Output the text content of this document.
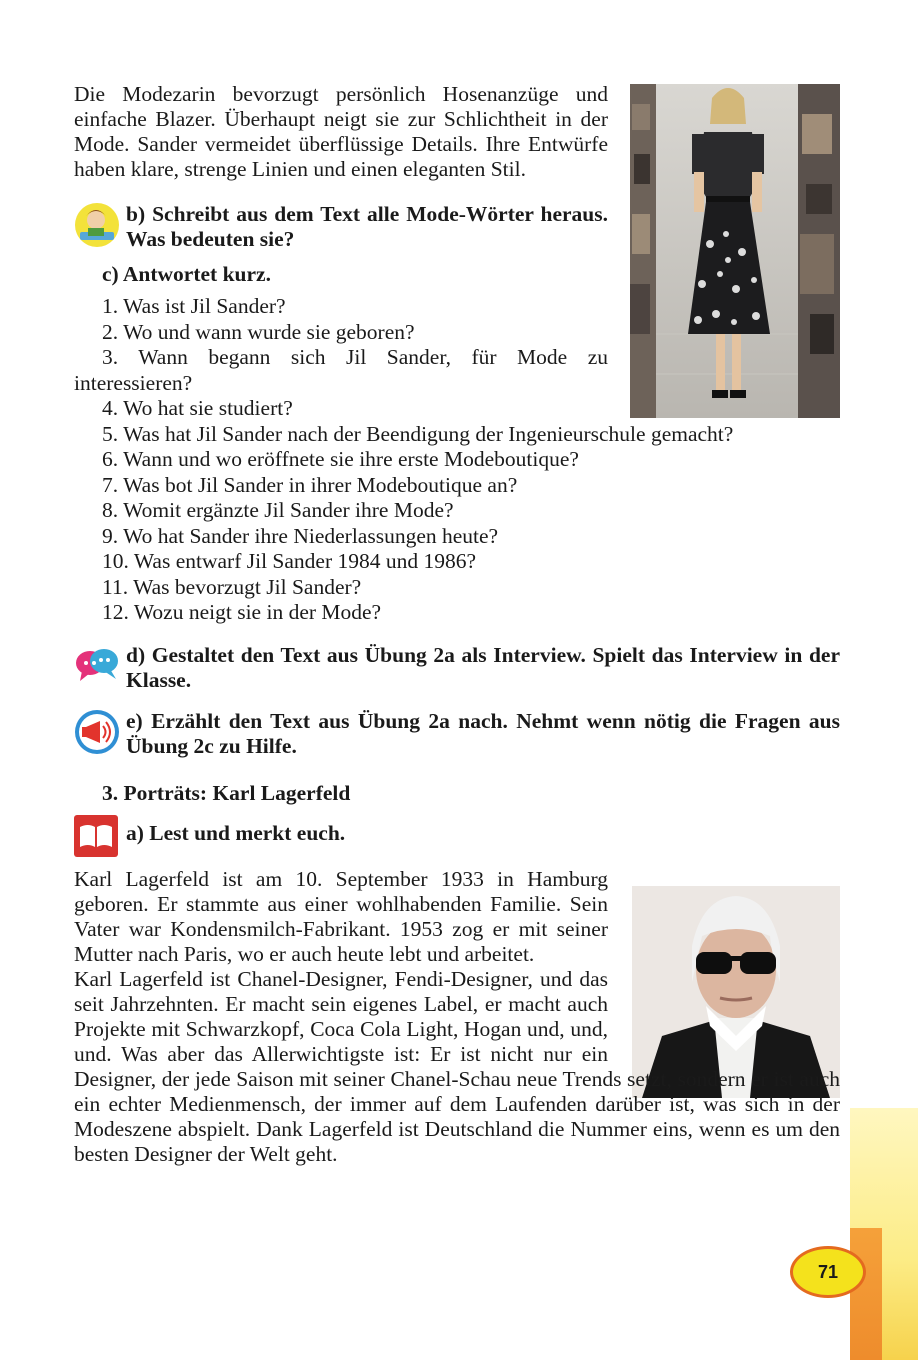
71

Die Modezarin bevorzugt persönlich Hosenanzüge und einfache Blazer. Überhaupt neigt sie zur Schlichtheit in der Mode. Sander vermeidet überflüssige Details. Ihre Entwürfe haben klare, strenge Linien und einen eleganten Stil.

b) Schreibt aus dem Text alle Mode-Wörter heraus. Was bedeuten sie?

c) Antwortet kurz.

1. Was ist Jil Sander?
2. Wo und wann wurde sie geboren?
3. Wann begann sich Jil Sander, für Mode zu interessieren?
4. Wo hat sie studiert?
5. Was hat Jil Sander nach der Beendigung der Ingenieurschule gemacht?
6. Wann und wo eröffnete sie ihre erste Modeboutique?
7. Was bot Jil Sander in ihrer Modeboutique an?
8. Womit ergänzte Jil Sander ihre Mode?
9. Wo hat Sander ihre Niederlassungen heute?
10. Was entwarf Jil Sander 1984 und 1986?
11. Was bevorzugt Jil Sander?
12. Wozu neigt sie in der Mode?

d) Gestaltet den Text aus Übung 2a als Interview. Spielt das Interview in der Klasse.

e) Erzählt den Text aus Übung 2a nach. Nehmt wenn nötig die Fragen aus Übung 2c zu Hilfe.

3. Porträts: Karl Lagerfeld

a) Lest und merkt euch.

Karl Lagerfeld ist am 10. September 1933 in Hamburg geboren. Er stammte aus einer wohlhabenden Familie. Sein Vater war Kondensmilch-Fabrikant. 1953 zog er mit seiner Mutter nach Paris, wo er auch heute lebt und arbeitet.

Karl Lagerfeld ist Chanel-Designer, Fendi-Designer, und das seit Jahrzehnten. Er macht sein eigenes Label, er macht auch Projekte mit Schwarzkopf, Coca Cola Light, Hogan und, und, und. Was aber das Allerwichtigste ist: Er ist nicht nur ein Designer, der jede Saison mit seiner Chanel-Schau neue Trends setzt, sondern er ist auch ein echter Medienmensch, der immer auf dem Laufenden darüber ist, was sich in der Modeszene abspielt. Dank Lagerfeld ist Deutschland die Nummer eins, wenn es um den besten Designer der Welt geht.
